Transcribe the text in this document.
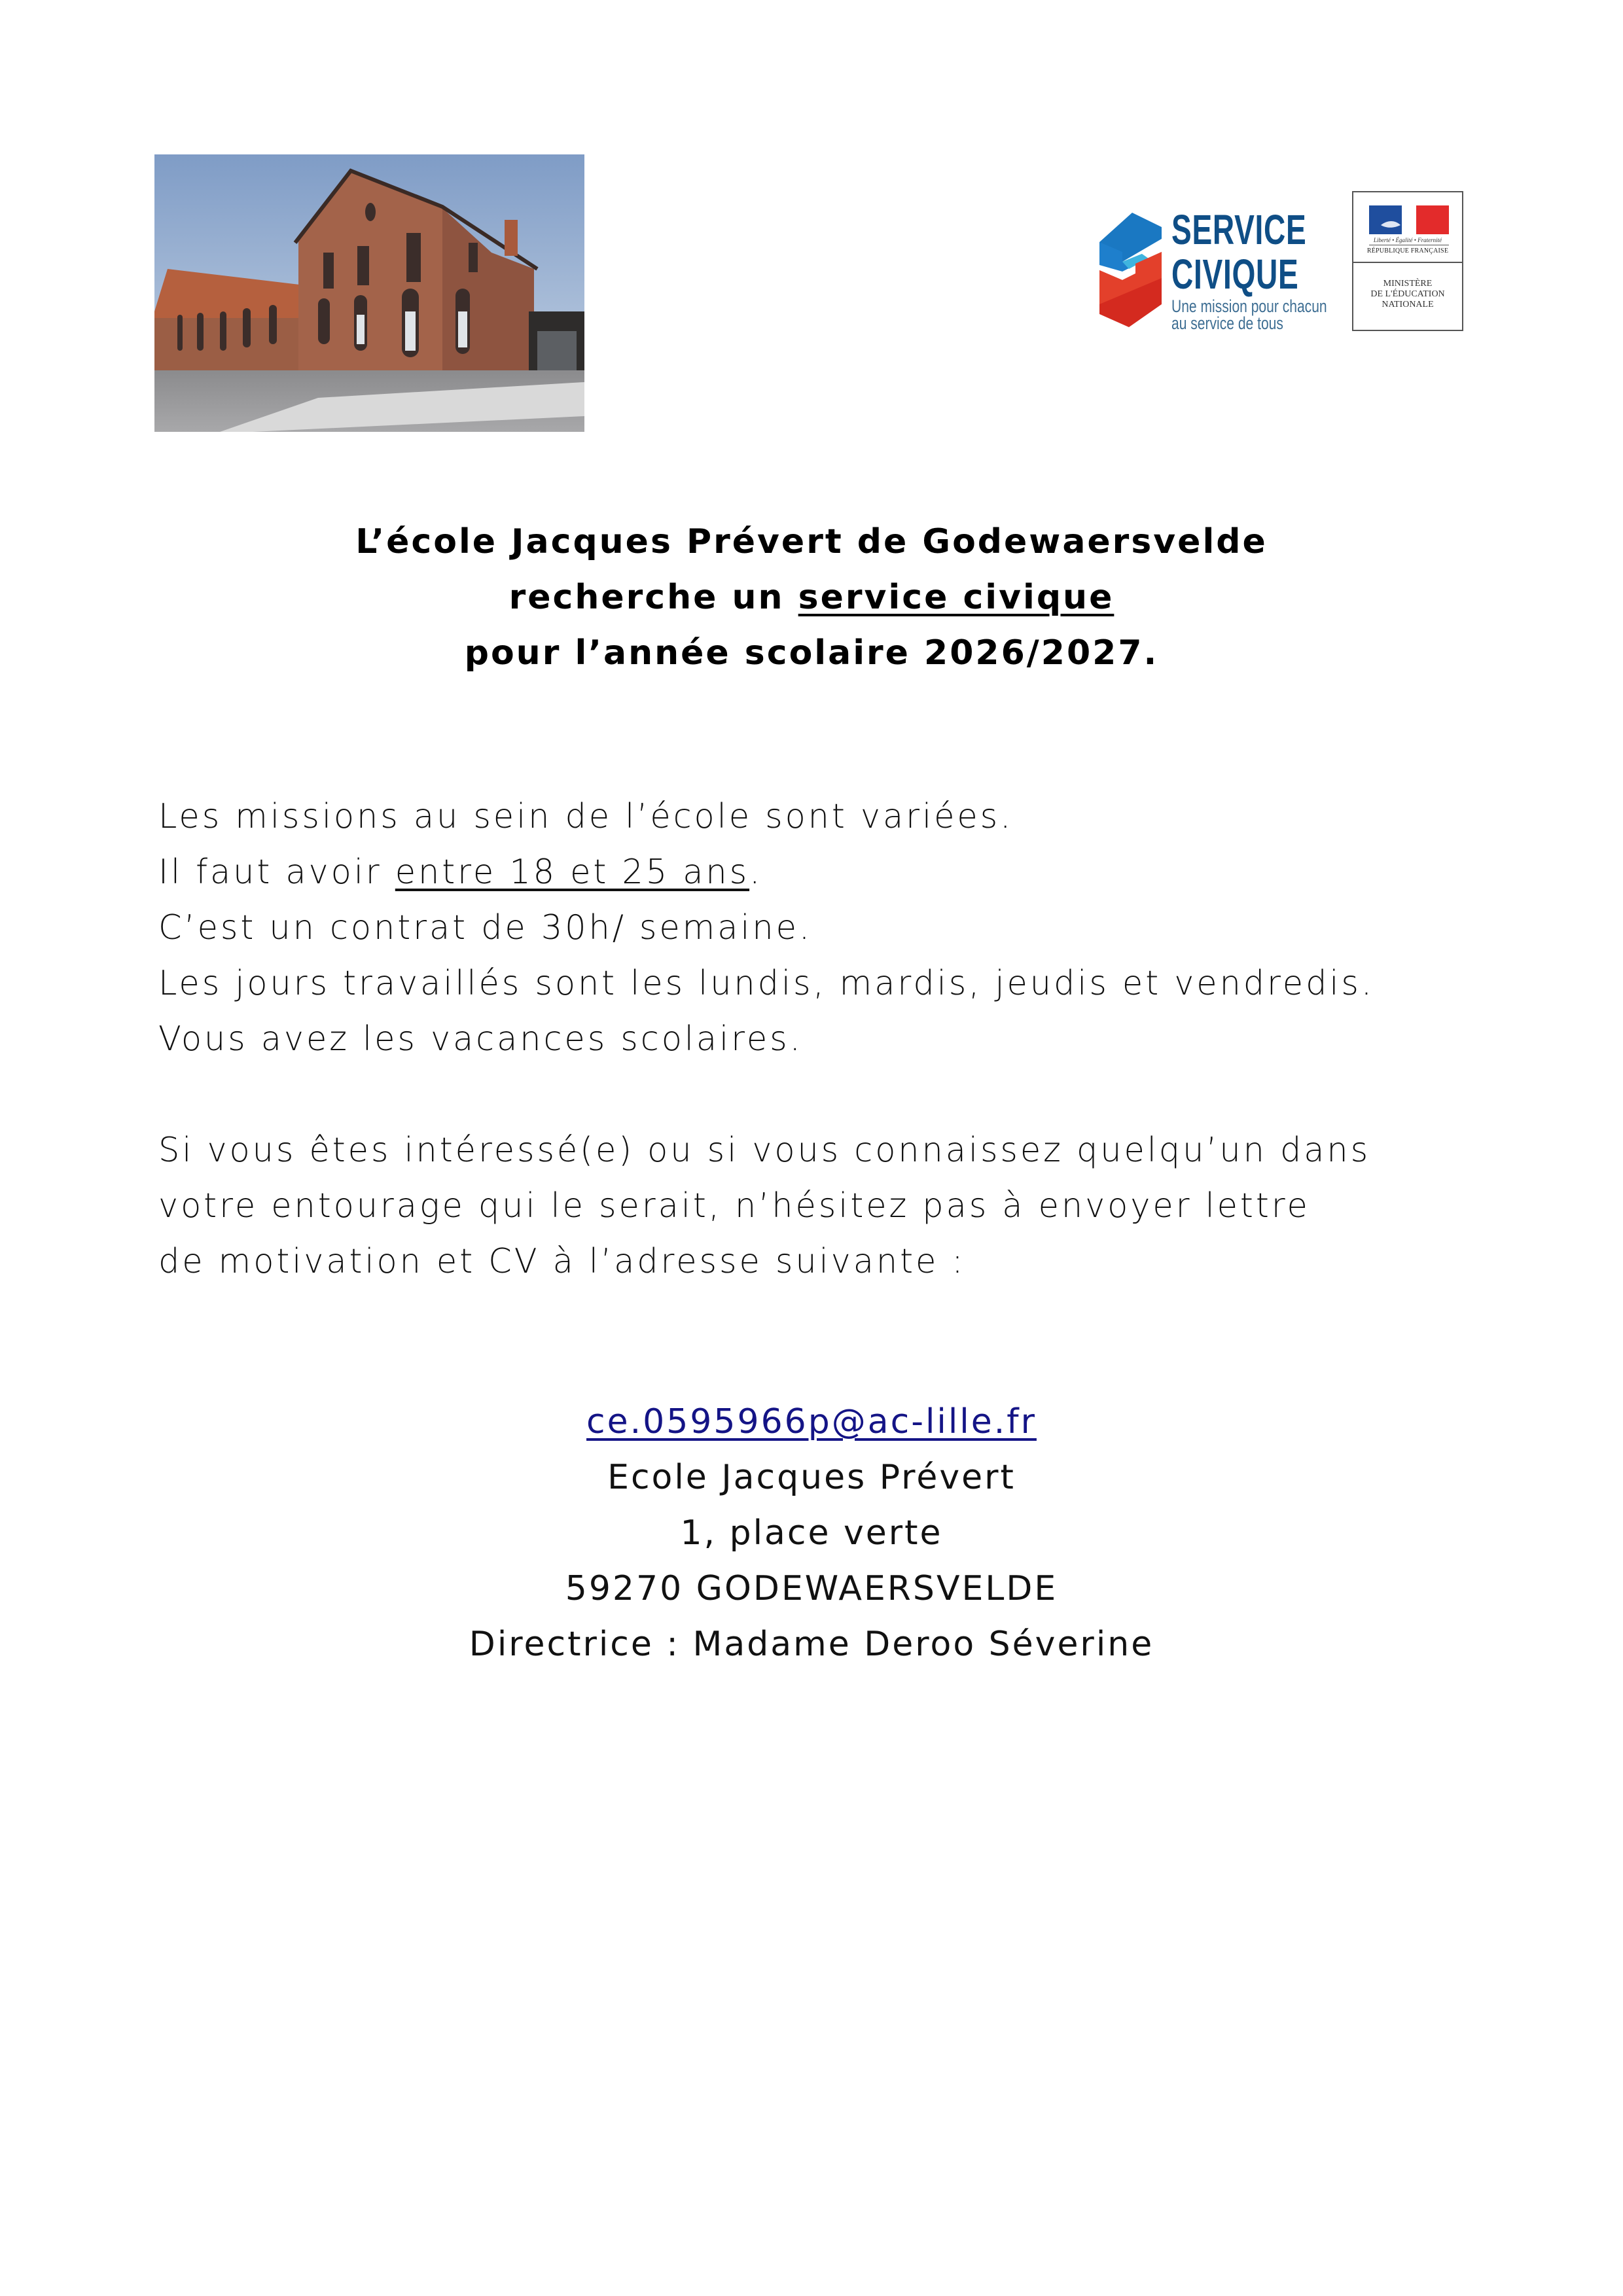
SERVICE
CIVIQUE
Une mission pour chacun
au service de tous
Liberté • Égalité • Fraternité
RÉPUBLIQUE FRANÇAISE
MINISTÈRE
DE L'ÉDUCATION
NATIONALE
L’école Jacques Prévert de Godewaersvelde
recherche un service civique
pour l’année scolaire 2026/2027.
Les missions au sein de l’école sont variées.
Il faut avoir entre 18 et 25 ans.
C’est un contrat de 30h/ semaine.
Les jours travaillés sont les lundis, mardis, jeudis et vendredis.
Vous avez les vacances scolaires.
Si vous êtes intéressé(e) ou si vous connaissez quelqu’un dans
votre entourage qui le serait, n’hésitez pas à envoyer lettre
de motivation et CV à l’adresse suivante :
ce.0595966p@ac-lille.fr
Ecole Jacques Prévert
1, place verte
59270 GODEWAERSVELDE
Directrice : Madame Deroo Séverine
